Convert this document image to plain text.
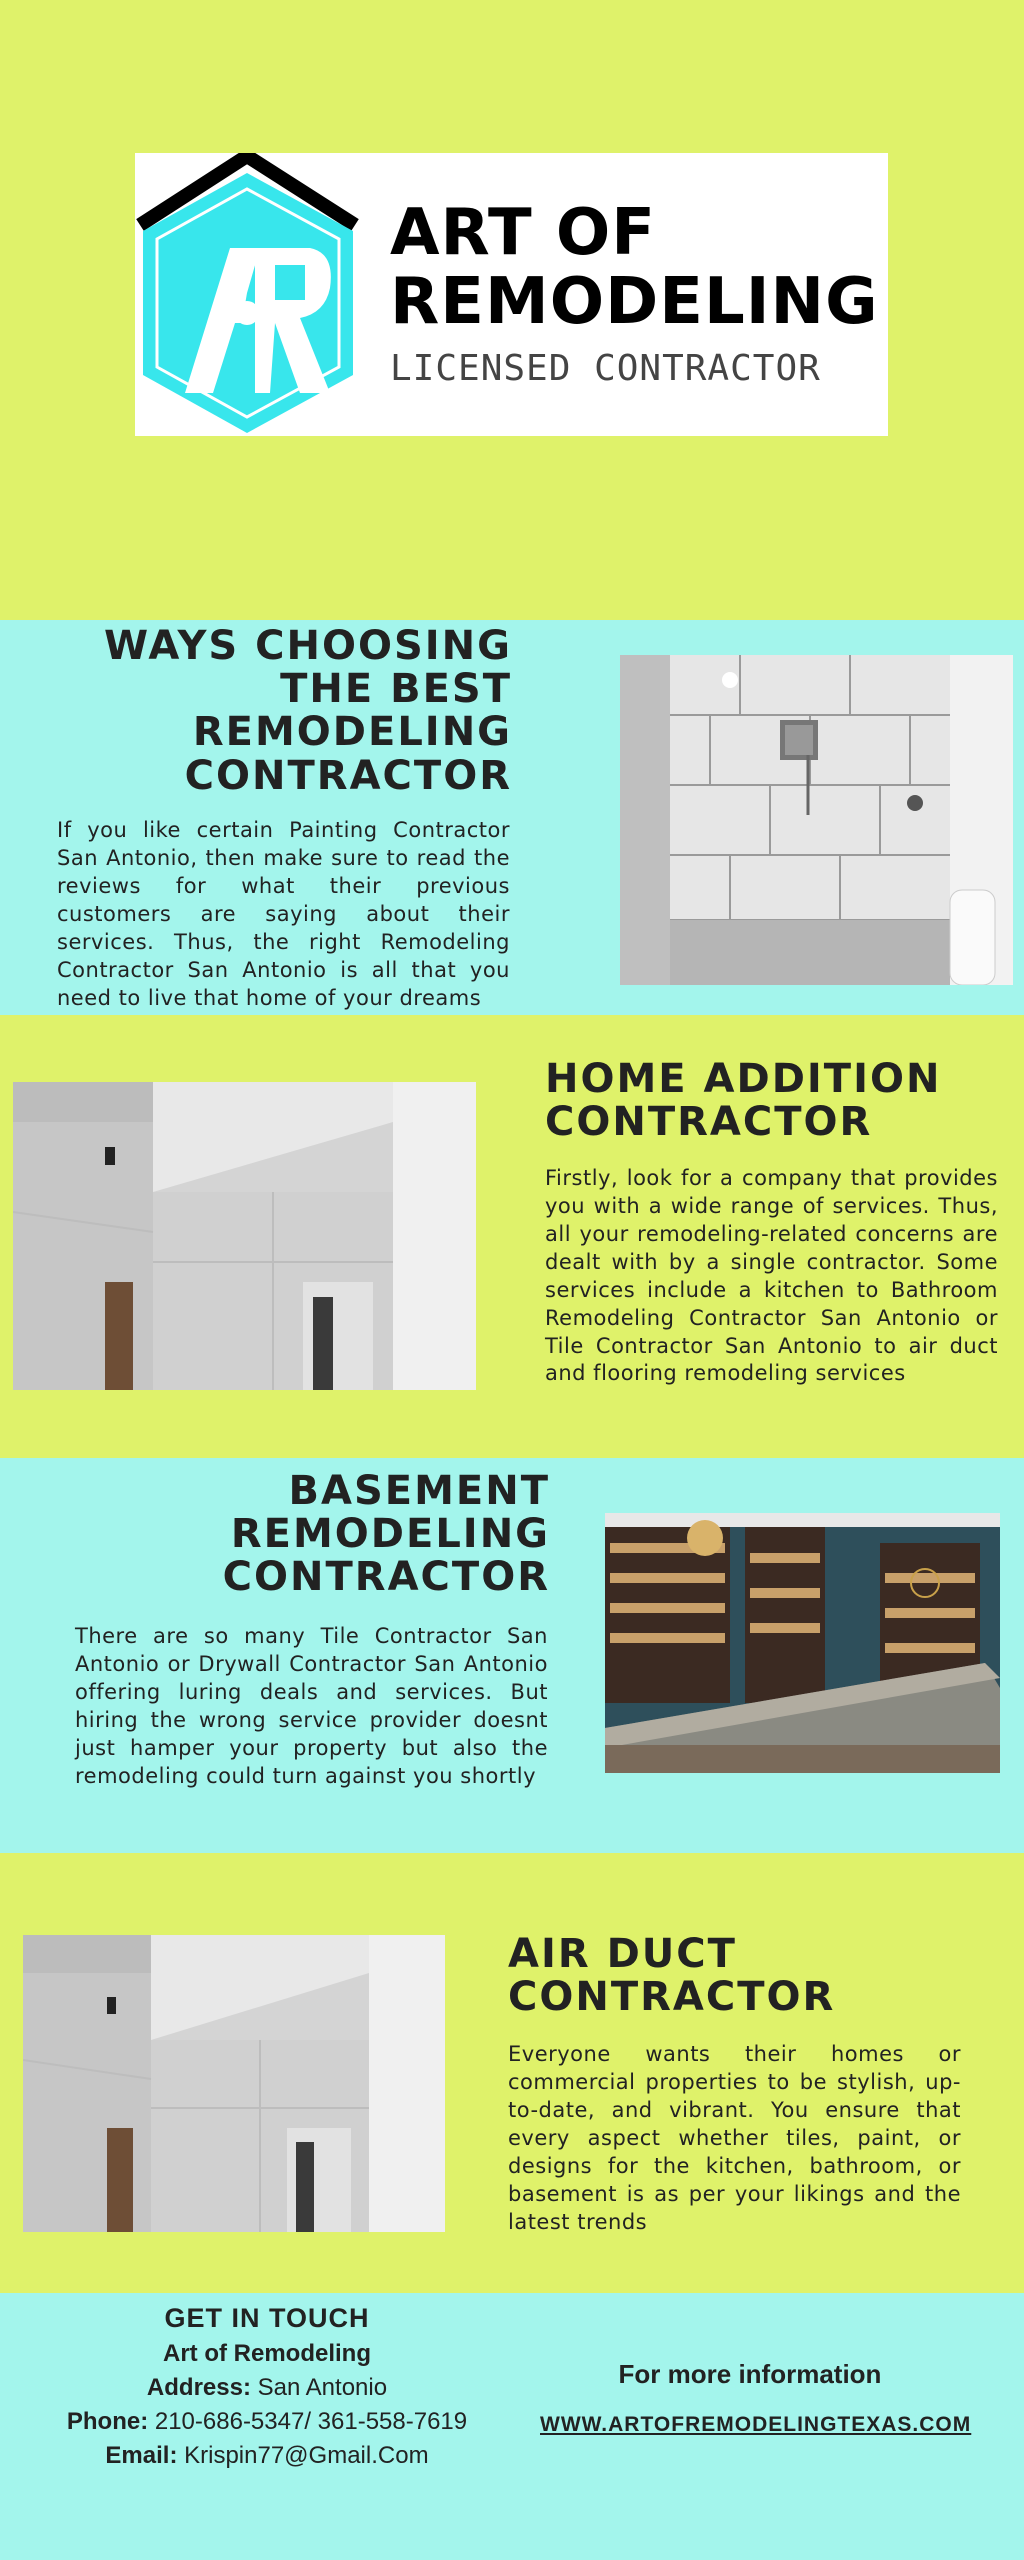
ART OF
REMODELING
LICENSED CONTRACTOR
WAYS CHOOSING THE BEST REMODELING CONTRACTOR

If you like certain Painting Contractor San Antonio, then make sure to read the reviews for what their previous customers are saying about their services. Thus, the right Remodeling Contractor San Antonio is all that you need to live that home of your dreams

HOME ADDITION CONTRACTOR

Firstly, look for a company that provides you with a wide range of services. Thus, all your remodeling-related concerns are dealt with by a single contractor. Some services include a kitchen to Bathroom Remodeling Contractor San Antonio or Tile Contractor San Antonio to air duct and flooring remodeling services

BASEMENT REMODELING CONTRACTOR

There are so many Tile Contractor San Antonio or Drywall Contractor San Antonio offering luring deals and services. But hiring the wrong service provider doesnt just hamper your property but also the remodeling could turn against you shortly

AIR DUCT CONTRACTOR

Everyone wants their homes or commercial properties to be stylish, up-to-date, and vibrant. You ensure that every aspect whether tiles, paint, or designs for the kitchen, bathroom, or basement is as per your likings and the latest trends

GET IN TOUCH
Art of Remodeling
Address: San Antonio
Phone: 210-686-5347/ 361-558-7619
Email: Krispin77@Gmail.Com
For more information
WWW.ARTOFREMODELINGTEXAS.COM
